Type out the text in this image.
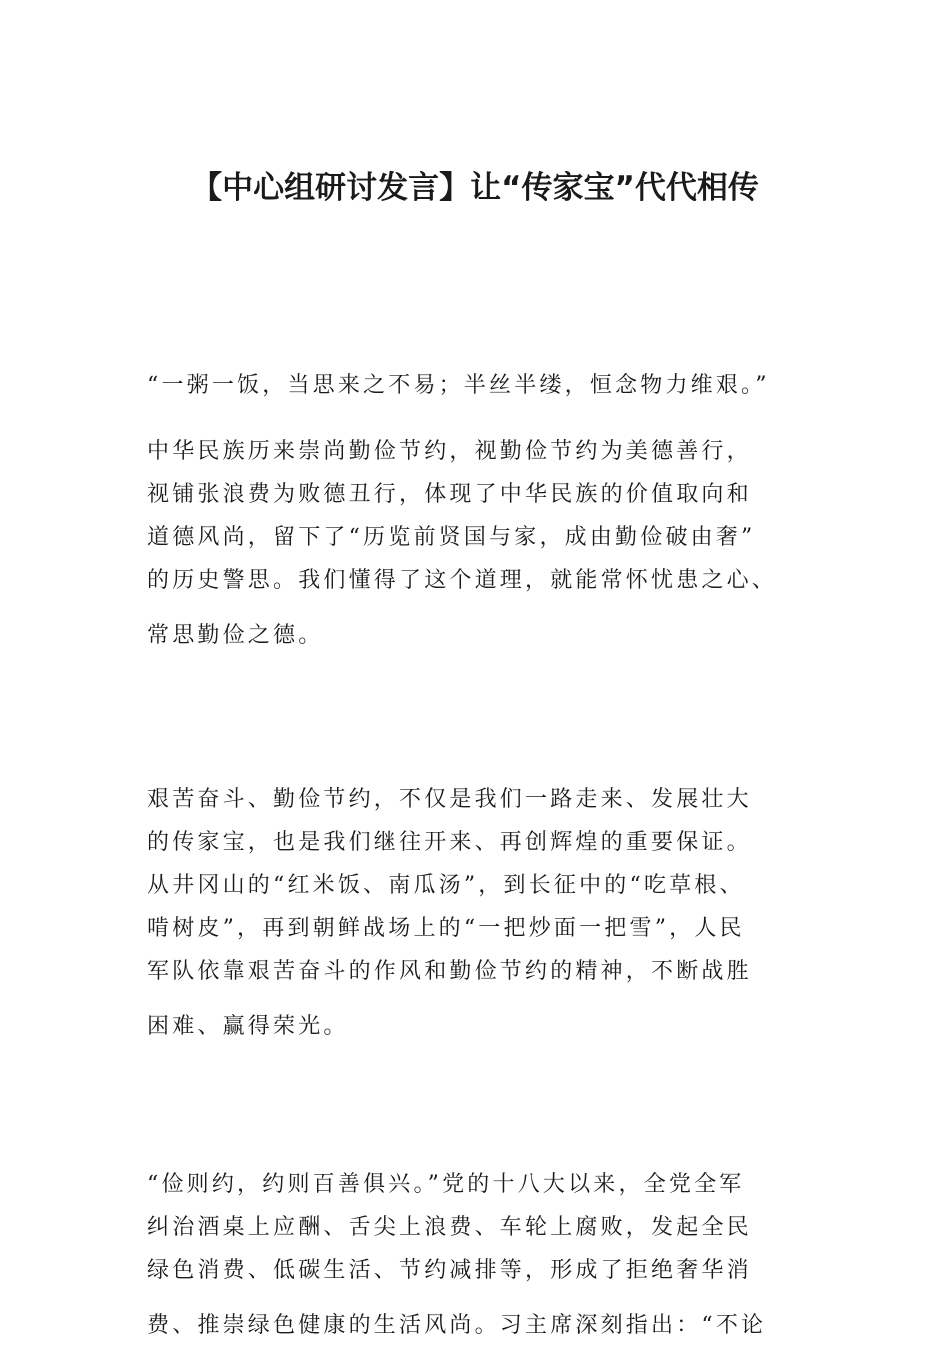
【中心组研讨发言】让“传家宝”代代相传
“一粥一饭，当思来之不易；半丝半缕，恒念物力维艰。”
中华民族历来崇尚勤俭节约，视勤俭节约为美德善行，
视铺张浪费为败德丑行，体现了中华民族的价值取向和
道德风尚，留下了“历览前贤国与家，成由勤俭破由奢”
的历史警思。我们懂得了这个道理，就能常怀忧患之心、
常思勤俭之德。
艰苦奋斗、勤俭节约，不仅是我们一路走来、发展壮大
的传家宝，也是我们继往开来、再创辉煌的重要保证。
从井冈山的“红米饭、南瓜汤”，到长征中的“吃草根、
啃树皮”，再到朝鲜战场上的“一把炒面一把雪”，人民
军队依靠艰苦奋斗的作风和勤俭节约的精神，不断战胜
困难、赢得荣光。
“俭则约，约则百善俱兴。”党的十八大以来，全党全军
纠治酒桌上应酬、舌尖上浪费、车轮上腐败，发起全民
绿色消费、低碳生活、节约减排等，形成了拒绝奢华消
费、推崇绿色健康的生活风尚。习主席深刻指出：“不论
